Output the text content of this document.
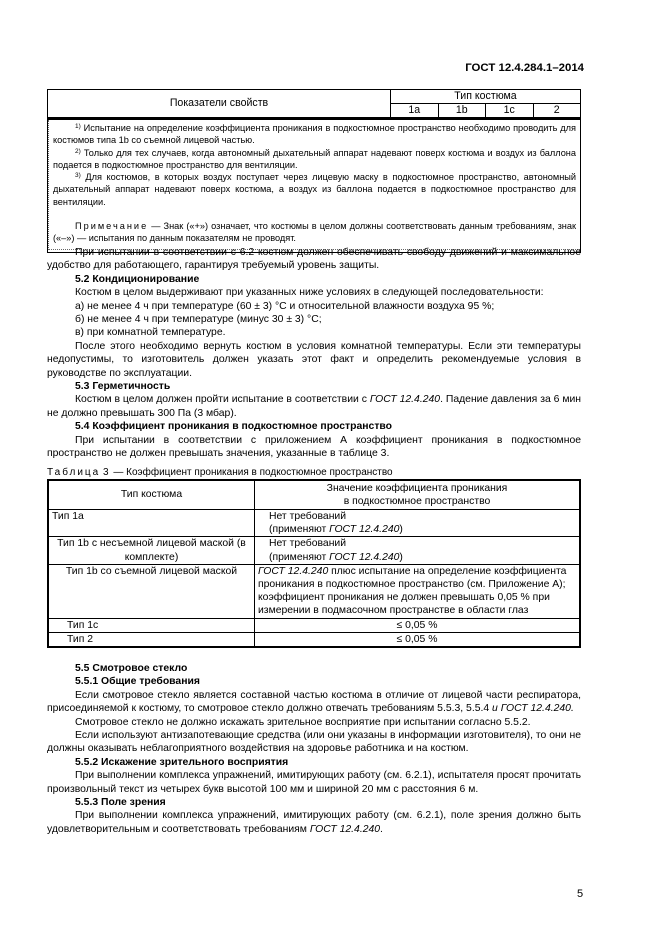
ГОСТ 12.4.284.1–2014
Показатели свойств
Тип костюма
1a	1b	1c	2

$^{1)}$ Испытание на определение коэффициента проникания в подкостюмное пространство необходимо проводить для костюмов типа 1b со съемной лицевой частью.

$^{2)}$ Только для тех случаев, когда автономный дыхательный аппарат надевают поверх костюма и воздух из баллона подается в подкостюмное пространство для вентиляции.

$^{3)}$ Для костюмов, в которых воздух поступает через лицевую маску в подкостюмное пространство, автономный дыхательный аппарат надевают поверх костюма, а воздух из баллона подается в подкостюмное пространство для вентиляции.

Примечание — Знак («+») означает, что костюмы в целом должны соответствовать данным требованиям, знак («–») — испытания по данным показателям не проводят.

При испытании в соответствии с 6.2 костюм должен обеспечивать свободу движений и максимальное удобство для работающего, гарантируя требуемый уровень защиты.

5.2 Кондиционирование

Костюм в целом выдерживают при указанных ниже условиях в следующей последовательности:

а) не менее 4 ч при температуре (60 ± 3) °С и относительной влажности воздуха 95 %;

б) не менее 4 ч при температуре (минус 30 ± 3) °С;

в) при комнатной температуре.

После этого необходимо вернуть костюм в условия комнатной температуры. Если эти температуры недопустимы, то изготовитель должен указать этот факт и определить рекомендуемые условия в руководстве по эксплуатации.

5.3 Герметичность

Костюм в целом должен пройти испытание в соответствии с ГОСТ 12.4.240. Падение давления за 6 мин не должно превышать 300 Па (3 мбар).

5.4 Коэффициент проникания в подкостюмное пространство

При испытании в соответствии с приложением А коэффициент проникания в подкостюмное пространство не должен превышать значения, указанные в таблице 3.

Таблица 3 — Коэффициент проникания в подкостюмное пространство
Тип костюма	Значение коэффициента проникания
в подкостюмное пространство

Тип 1a	Нет требований
(применяют ГОСТ 12.4.240)

Тип 1b с несъемной лицевой маской (в комплекте)	Нет требований
(применяют ГОСТ 12.4.240)

Тип 1b со съемной лицевой маской	ГОСТ 12.4.240 плюс испытание на определение коэффициента проникания в подкостюмное пространство (см. Приложение А); коэффициент проникания не должен превышать 0,05 % при измерении в подмасочном пространстве в области глаз
Тип 1c	≤ 0,05 %
Тип 2	≤ 0,05 %

5.5 Смотровое стекло

5.5.1 Общие требования

Если смотровое стекло является составной частью костюма в отличие от лицевой части респиратора, присоединяемой к костюму, то смотровое стекло должно отвечать требованиям 5.5.3, 5.5.4 и ГОСТ 12.4.240.

Смотровое стекло не должно искажать зрительное восприятие при испытании согласно 5.5.2.

Если используют антизапотевающие средства (или они указаны в информации изготовителя), то они не должны оказывать неблагоприятного воздействия на здоровье работника и на костюм.

5.5.2 Искажение зрительного восприятия

При выполнении комплекса упражнений, имитирующих работу (см. 6.2.1), испытателя просят прочитать произвольный текст из четырех букв высотой 100 мм и шириной 20 мм с расстояния 6 м.

5.5.3 Поле зрения

При выполнении комплекса упражнений, имитирующих работу (см. 6.2.1), поле зрения должно быть удовлетворительным и соответствовать требованиям ГОСТ 12.4.240.

5
